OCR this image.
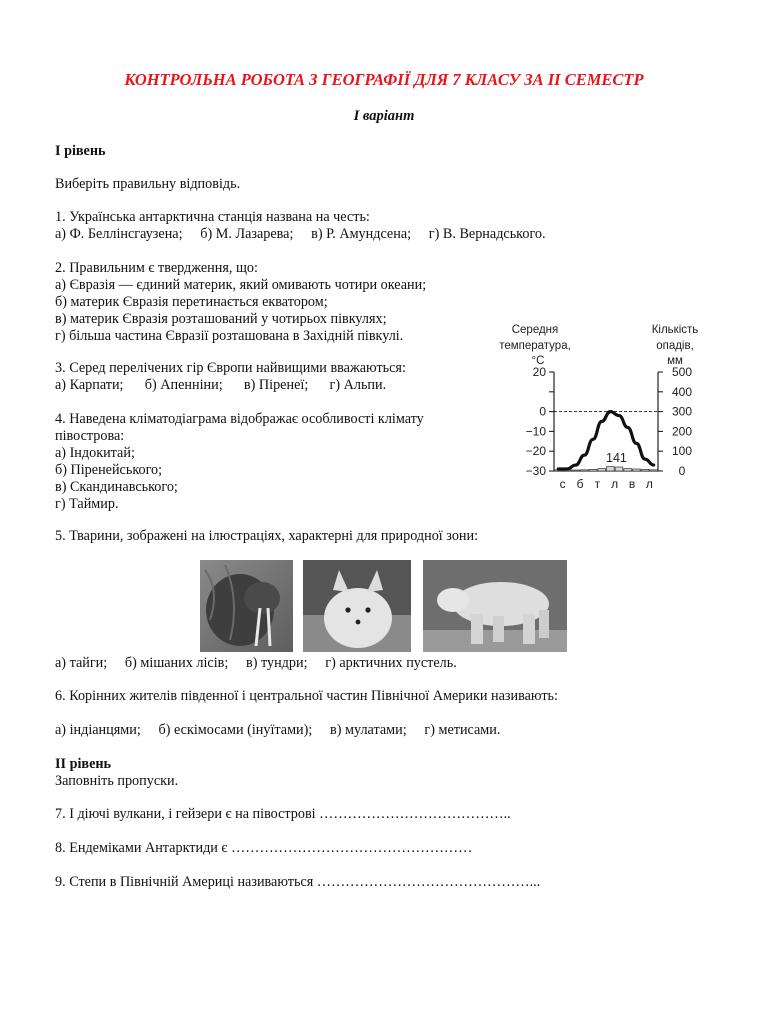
КОНТРОЛЬНА РОБОТА З ГЕОГРАФІЇ ДЛЯ 7 КЛАСУ ЗА ІІ СЕМЕСТР
І варіант
І рівень
Виберіть правильну відповідь.
1. Українська антарктична станція названа на честь:
а) Ф. Беллінсгаузена;     б) М. Лазарева;     в) Р. Амундсена;     г) В. Вернадського.
2. Правильним є твердження, що:
а) Євразія — єдиний материк, який омивають чотири океани;
б) материк Євразія перетинається екватором;
в) материк Євразія розташований у чотирьох півкулях;
г) більша частина Євразії розташована в Західній півкулі.
3. Серед перелічених гір Європи найвищими вважаються:
а) Карпати;      б) Апенніни;      в) Піренеї;      г) Альпи.
4. Наведена кліматодіаграма відображає особливості клімату
півострова:
а) Індокитай;
б) Піренейського;
в) Скандинавського;
г) Таймир.
Середня
температура,
°С
Кількість
опадів,
мм
20
0
−10
−20
−30
500
400
300
200
100
0
141
с б т л в л
5. Тварини, зображені на ілюстраціях, характерні для природної зони:
а) тайги;     б) мішаних лісів;     в) тундри;     г) арктичних пустель.
6. Корінних жителів південної і центральної частин Північної Америки називають:
а) індіанцями;     б) ескімосами (інуїтами);     в) мулатами;     г) метисами.
ІІ рівень
Заповніть пропуски.
7. І діючі вулкани, і гейзери є на півострові …………………………………..
8. Ендеміками Антарктиди є ……………………………………………
9. Степи в Північній Америці називаються ………………………………………...
